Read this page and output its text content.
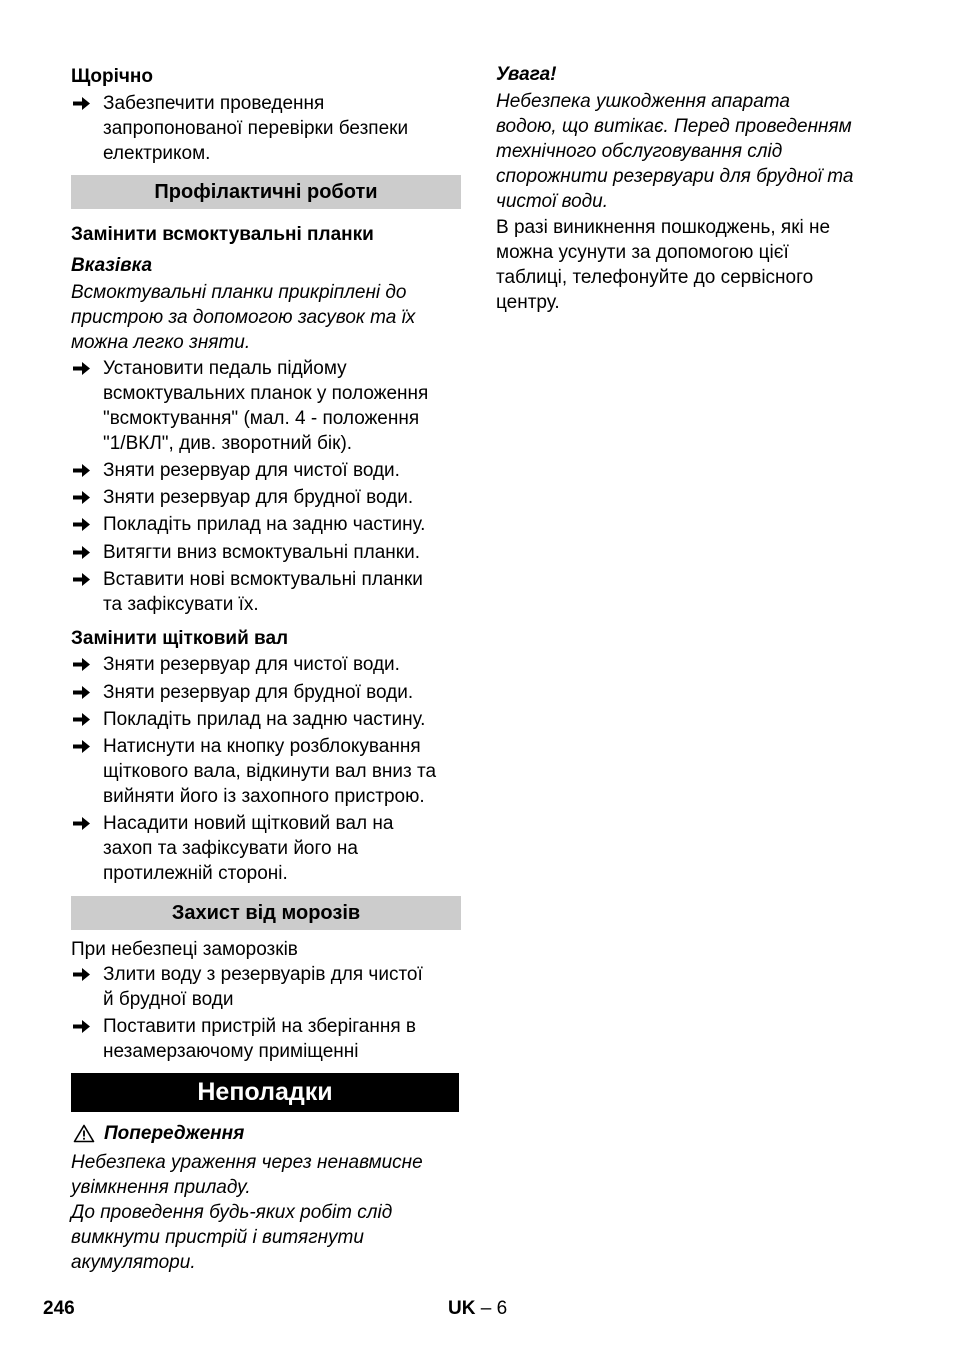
Щорічно
Забезпечити проведення
запропонованої перевірки безпеки
електриком.
Профілактичні роботи
Замінити всмоктувальні планки
Вказівка
Всмоктувальні планки прикріплені до
пристрою за допомогою засувок та їх
можна легко зняти.
Установити педаль підйому
всмоктувальних планок у положення
"всмоктування" (мал. 4 - положення
"1/ВКЛ", див. зворотний бік).
Зняти резервуар для чистої води.
Зняти резервуар для брудної води.
Покладіть прилад на задню частину.
Витягти вниз всмоктувальні планки.
Вставити нові всмоктувальні планки
та зафіксувати їх.
Замінити щітковий вал
Зняти резервуар для чистої води.
Зняти резервуар для брудної води.
Покладіть прилад на задню частину.
Натиснути на кнопку розблокування
щіткового вала, відкинути вал вниз та
вийняти його із захопного пристрою.
Насадити новий щітковий вал на
захоп та зафіксувати його на
протилежній стороні.
Захист від морозів
При небезпеці заморозків
Злити воду з резервуарів для чистої
й брудної води
Поставити пристрій на зберігання в
незамерзаючому приміщенні
Неполадки
Попередження
Небезпека ураження через ненавмисне
увімкнення приладу.
До проведення будь-яких робіт слід
вимкнути пристрій і витягнути
акумулятори.
Увага!
Небезпека ушкодження апарата
водою, що витікає. Перед проведенням
технічного обслуговування слід
спорожнити резервуари для брудної та
чистої води.
В разі виникнення пошкоджень, які не
можна усунути за допомогою цієї
таблиці, телефонуйте до сервісного
центру.
246	UK – 6
